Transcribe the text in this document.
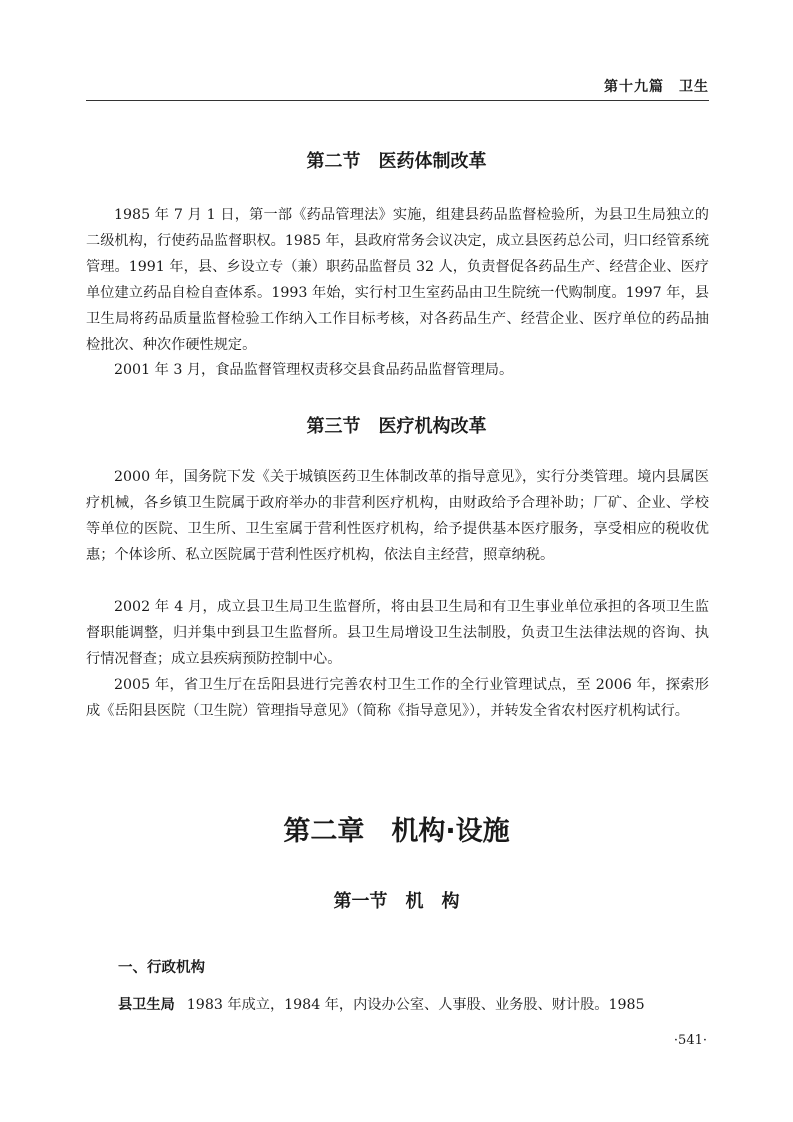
第十九篇　卫生
第二节　医药体制改革

1985 年 7 月 1 日，第一部《药品管理法》实施，组建县药品监督检验所，为县卫生局独立的二级机构，行使药品监督职权。1985 年，县政府常务会议决定，成立县医药总公司，归口经管系统管理。1991 年，县、乡设立专（兼）职药品监督员 32 人，负责督促各药品生产、经营企业、医疗单位建立药品自检自查体系。1993 年始，实行村卫生室药品由卫生院统一代购制度。1997 年，县卫生局将药品质量监督检验工作纳入工作目标考核，对各药品生产、经营企业、医疗单位的药品抽检批次、种次作硬性规定。

2001 年 3 月，食品监督管理权责移交县食品药品监督管理局。

第三节　医疗机构改革

2000 年，国务院下发《关于城镇医药卫生体制改革的指导意见》，实行分类管理。境内县属医疗机械，各乡镇卫生院属于政府举办的非营利医疗机构，由财政给予合理补助；厂矿、企业、学校等单位的医院、卫生所、卫生室属于营利性医疗机构，给予提供基本医疗服务，享受相应的税收优惠；个体诊所、私立医院属于营利性医疗机构，依法自主经营，照章纳税。

2002 年 4 月，成立县卫生局卫生监督所，将由县卫生局和有卫生事业单位承担的各项卫生监督职能调整，归并集中到县卫生监督所。县卫生局增设卫生法制股，负责卫生法律法规的咨询、执行情况督查；成立县疾病预防控制中心。

2005 年，省卫生厅在岳阳县进行完善农村卫生工作的全行业管理试点，至 2006 年，探索形成《岳阳县医院（卫生院）管理指导意见》（简称《指导意见》），并转发全省农村医疗机构试行。

第二章　机构·设施
第一节　机　构
一、行政机构

县卫生局 1983 年成立，1984 年，内设办公室、人事股、业务股、财计股。1985

·541·
